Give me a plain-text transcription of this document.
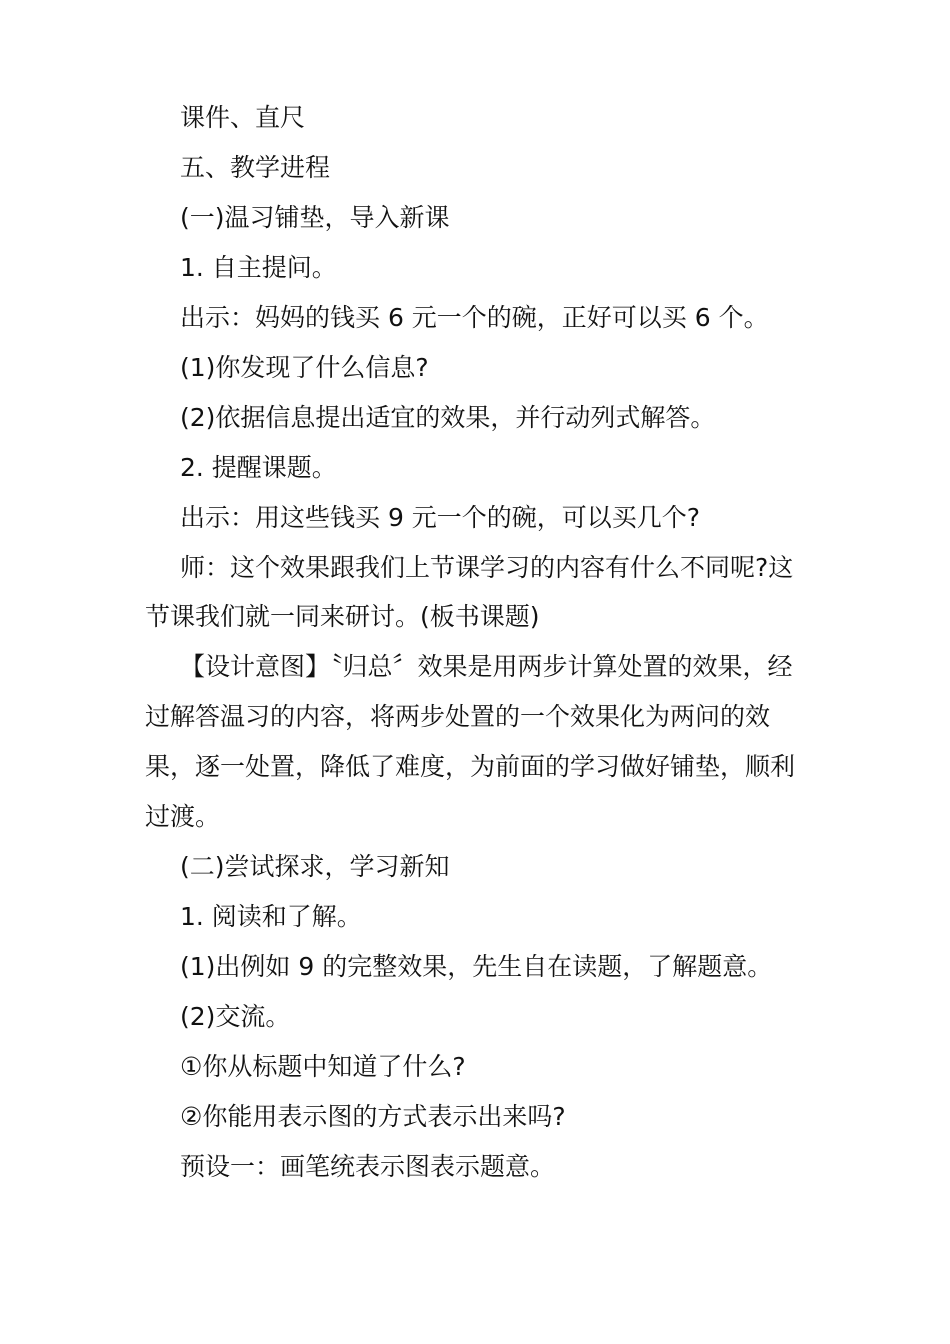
课件、直尺
五、教学进程
(一)温习铺垫，导入新课
1. 自主提问。
出示：妈妈的钱买 6 元一个的碗，正好可以买 6 个。
(1)你发现了什么信息?
(2)依据信息提出适宜的效果，并行动列式解答。
2. 提醒课题。
出示：用这些钱买 9 元一个的碗，可以买几个?
师：这个效果跟我们上节课学习的内容有什么不同呢?这
节课我们就一同来研讨。(板书课题)
【设计意图】〝归总〞效果是用两步计算处置的效果，经
过解答温习的内容，将两步处置的一个效果化为两问的效
果，逐一处置，降低了难度，为前面的学习做好铺垫，顺利
过渡。
(二)尝试探求，学习新知
1. 阅读和了解。
(1)出例如 9 的完整效果，先生自在读题，了解题意。
(2)交流。
①你从标题中知道了什么?
②你能用表示图的方式表示出来吗?
预设一：画笔统表示图表示题意。
